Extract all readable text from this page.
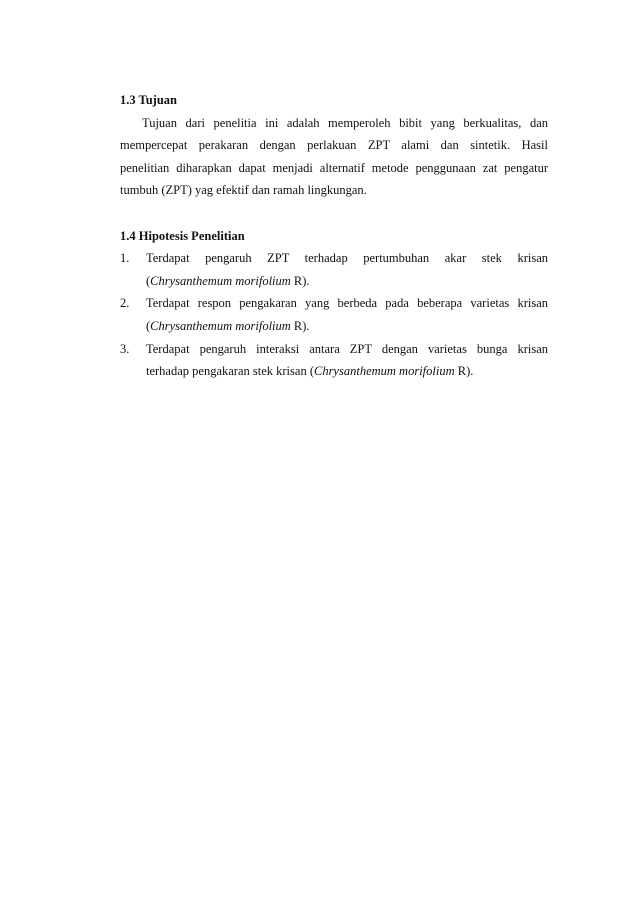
1.3 Tujuan
Tujuan dari penelitia ini adalah memperoleh bibit yang berkualitas, dan
mempercepat perakaran dengan perlakuan ZPT alami dan sintetik. Hasil
penelitian diharapkan dapat menjadi alternatif metode penggunaan zat pengatur
tumbuh (ZPT) yag efektif dan ramah lingkungan.
1.4 Hipotesis Penelitian
1. Terdapat pengaruh ZPT terhadap pertumbuhan akar stek krisan
(Chrysanthemum morifolium R).
2. Terdapat respon pengakaran yang berbeda pada beberapa varietas krisan
(Chrysanthemum morifolium R).
3. Terdapat pengaruh interaksi antara ZPT dengan varietas bunga krisan
terhadap pengakaran stek krisan (Chrysanthemum morifolium R).
